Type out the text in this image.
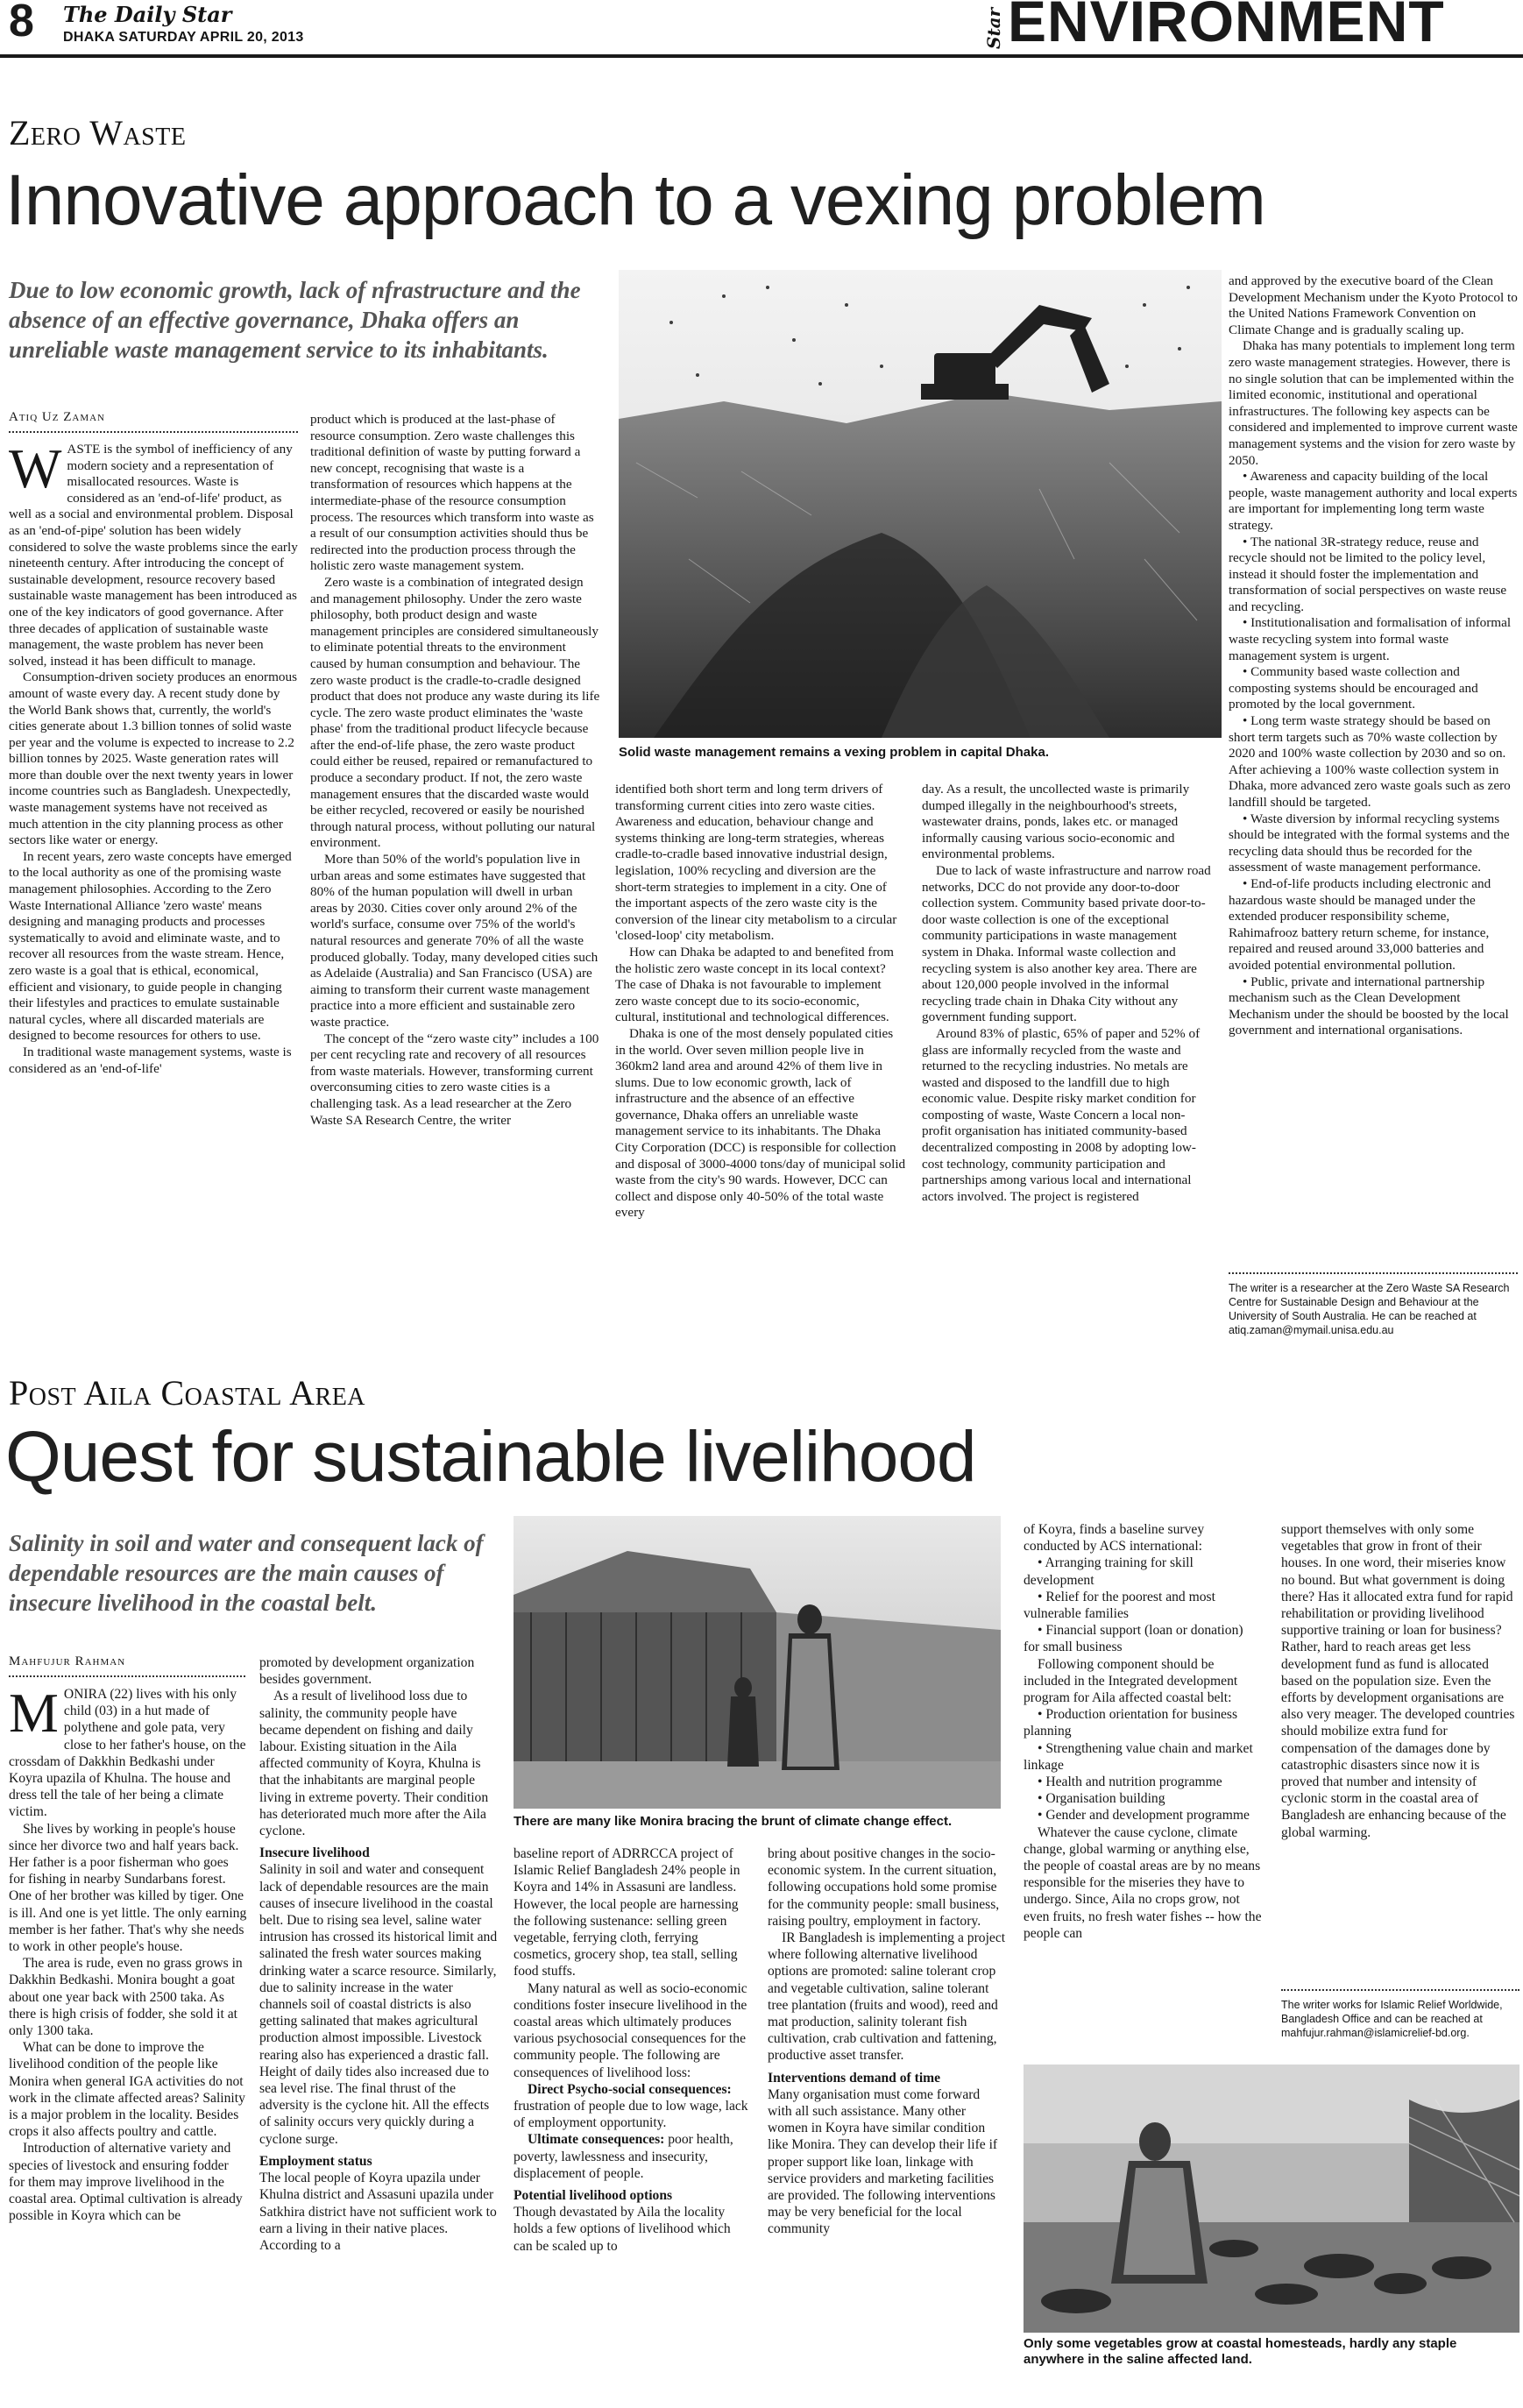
8 The Daily Star
DHAKA SATURDAY APRIL 20, 2013	Star ENVIRONMENT
Zero Waste
Innovative approach to a vexing problem
Due to low economic growth, lack of nfrastructure and the absence of an effective governance, Dhaka offers an unreliable waste management service to its inhabitants.
Atiq Uz Zaman
W ASTE is the symbol of inefficiency of any modern society and a representation of misallocated resources. Waste is considered as an 'end-of-life' product, as well as a social and environmental problem. Disposal as an 'end-of-pipe' solution has been widely considered to solve the waste problems since the early nineteenth century. After introducing the concept of sustainable development, resource recovery based sustainable waste management has been introduced as one of the key indicators of good governance. After three decades of application of sustainable waste management, the waste problem has never been solved, instead it has been difficult to manage.

Consumption-driven society produces an enormous amount of waste every day. A recent study done by the World Bank shows that, currently, the world's cities generate about 1.3 billion tonnes of solid waste per year and the volume is expected to increase to 2.2 billion tonnes by 2025. Waste generation rates will more than double over the next twenty years in lower income countries such as Bangladesh. Unexpectedly, waste management systems have not received as much attention in the city planning process as other sectors like water or energy.

In recent years, zero waste concepts have emerged to the local authority as one of the promising waste management philosophies. According to the Zero Waste International Alliance 'zero waste' means designing and managing products and processes systematically to avoid and eliminate waste, and to recover all resources from the waste stream. Hence, zero waste is a goal that is ethical, economical, efficient and visionary, to guide people in changing their lifestyles and practices to emulate sustainable natural cycles, where all discarded materials are designed to become resources for others to use.

In traditional waste management systems, waste is considered as an 'end-of-life'

product which is produced at the last-phase of resource consumption. Zero waste challenges this traditional definition of waste by putting forward a new concept, recognising that waste is a transformation of resources which happens at the intermediate-phase of the resource consumption process. The resources which transform into waste as a result of our consumption activities should thus be redirected into the production process through the holistic zero waste management system.

Zero waste is a combination of integrated design and management philosophy. Under the zero waste philosophy, both product design and waste management principles are considered simultaneously to eliminate potential threats to the environment caused by human consumption and behaviour. The zero waste product is the cradle-to-cradle designed product that does not produce any waste during its life cycle. The zero waste product eliminates the 'waste phase' from the traditional product lifecycle because after the end-of-life phase, the zero waste product could either be reused, repaired or remanufactured to produce a secondary product. If not, the zero waste management ensures that the discarded waste would be either recycled, recovered or easily be nourished through natural process, without polluting our natural environment.

More than 50% of the world's population live in urban areas and some estimates have suggested that 80% of the human population will dwell in urban areas by 2030. Cities cover only around 2% of the world's surface, consume over 75% of the world's natural resources and generate 70% of all the waste produced globally. Today, many developed cities such as Adelaide (Australia) and San Francisco (USA) are aiming to transform their current waste management practice into a more efficient and sustainable zero waste practice.

The concept of the “zero waste city” includes a 100 per cent recycling rate and recovery of all resources from waste materials. However, transforming current overconsuming cities to zero waste cities is a challenging task. As a lead researcher at the Zero Waste SA Research Centre, the writer

Solid waste management remains a vexing problem in capital Dhaka.

identified both short term and long term drivers of transforming current cities into zero waste cities. Awareness and education, behaviour change and systems thinking are long-term strategies, whereas cradle-to-cradle based innovative industrial design, legislation, 100% recycling and diversion are the short-term strategies to implement in a city. One of the important aspects of the zero waste city is the conversion of the linear city metabolism to a circular 'closed-loop' city metabolism.

How can Dhaka be adapted to and benefited from the holistic zero waste concept in its local context? The case of Dhaka is not favourable to implement zero waste concept due to its socio-economic, cultural, institutional and technological differences.

Dhaka is one of the most densely populated cities in the world. Over seven million people live in 360km2 land area and around 42% of them live in slums. Due to low economic growth, lack of infrastructure and the absence of an effective governance, Dhaka offers an unreliable waste management service to its inhabitants. The Dhaka City Corporation (DCC) is responsible for collection and disposal of 3000-4000 tons/day of municipal solid waste from the city's 90 wards. However, DCC can collect and dispose only 40-50% of the total waste every

day. As a result, the uncollected waste is primarily dumped illegally in the neighbourhood's streets, wastewater drains, ponds, lakes etc. or managed informally causing various socio-economic and environmental problems.

Due to lack of waste infrastructure and narrow road networks, DCC do not provide any door-to-door collection system. Community based private door-to-door waste collection is one of the exceptional community participations in waste management system in Dhaka. Informal waste collection and recycling system is also another key area. There are about 120,000 people involved in the informal recycling trade chain in Dhaka City without any government funding support.

Around 83% of plastic, 65% of paper and 52% of glass are informally recycled from the waste and returned to the recycling industries. No metals are wasted and disposed to the landfill due to high economic value. Despite risky market condition for composting of waste, Waste Concern a local non-profit organisation has initiated community-based decentralized composting in 2008 by adopting low-cost technology, community participation and partnerships among various local and international actors involved. The project is registered

and approved by the executive board of the Clean Development Mechanism under the Kyoto Protocol to the United Nations Framework Convention on Climate Change and is gradually scaling up.

Dhaka has many potentials to implement long term zero waste management strategies. However, there is no single solution that can be implemented within the limited economic, institutional and operational infrastructures. The following key aspects can be considered and implemented to improve current waste management systems and the vision for zero waste by 2050.

• Awareness and capacity building of the local people, waste management authority and local experts are important for implementing long term waste strategy.

• The national 3R-strategy reduce, reuse and recycle should not be limited to the policy level, instead it should foster the implementation and transformation of social perspectives on waste reuse and recycling.

• Institutionalisation and formalisation of informal waste recycling system into formal waste management system is urgent.

• Community based waste collection and composting systems should be encouraged and promoted by the local government.

• Long term waste strategy should be based on short term targets such as 70% waste collection by 2020 and 100% waste collection by 2030 and so on. After achieving a 100% waste collection system in Dhaka, more advanced zero waste goals such as zero landfill should be targeted.

• Waste diversion by informal recycling systems should be integrated with the formal systems and the recycling data should thus be recorded for the assessment of waste management performance.

• End-of-life products including electronic and hazardous waste should be managed under the extended producer responsibility scheme, Rahimafrooz battery return scheme, for instance, repaired and reused around 33,000 batteries and avoided potential environmental pollution.

• Public, private and international partnership mechanism such as the Clean Development Mechanism under the should be boosted by the local government and international organisations.

The writer is a researcher at the Zero Waste SA Research Centre for Sustainable Design and Behaviour at the University of South Australia. He can be reached at atiq.zaman@mymail.unisa.edu.au
Post Aila Coastal Area
Quest for sustainable livelihood
Salinity in soil and water and consequent lack of dependable resources are the main causes of insecure livelihood in the coastal belt.
Mahfujur Rahman
M ONIRA (22) lives with his only child (03) in a hut made of polythene and gole pata, very close to her father's house, on the crossdam of Dakkhin Bedkashi under Koyra upazila of Khulna. The house and dress tell the tale of her being a climate victim.

She lives by working in people's house since her divorce two and half years back. Her father is a poor fisherman who goes for fishing in nearby Sundarbans forest. One of her brother was killed by tiger. One is ill. And one is yet little. The only earning member is her father. That's why she needs to work in other people's house.

The area is rude, even no grass grows in Dakkhin Bedkashi. Monira bought a goat about one year back with 2500 taka. As there is high crisis of fodder, she sold it at only 1300 taka.

What can be done to improve the livelihood condition of the people like Monira when general IGA activities do not work in the climate affected areas? Salinity is a major problem in the locality. Besides crops it also affects poultry and cattle.

Introduction of alternative variety and species of livestock and ensuring fodder for them may improve livelihood in the coastal area. Optimal cultivation is already possible in Koyra which can be

promoted by development organization besides government.

As a result of livelihood loss due to salinity, the community people have became dependent on fishing and daily labour. Existing situation in the Aila affected community of Koyra, Khulna is that the inhabitants are marginal people living in extreme poverty. Their condition has deteriorated much more after the Aila cyclone.

Insecure livelihood

Salinity in soil and water and consequent lack of dependable resources are the main causes of insecure livelihood in the coastal belt. Due to rising sea level, saline water intrusion has crossed its historical limit and salinated the fresh water sources making drinking water a scarce resource. Similarly, due to salinity increase in the water channels soil of coastal districts is also getting salinated that makes agricultural production almost impossible. Livestock rearing also has experienced a drastic fall. Height of daily tides also increased due to sea level rise. The final thrust of the adversity is the cyclone hit. All the effects of salinity occurs very quickly during a cyclone surge.

Employment status

The local people of Koyra upazila under Khulna district and Assasuni upazila under Satkhira district have not sufficient work to earn a living in their native places. According to a

There are many like Monira bracing the brunt of climate change effect.

baseline report of ADRRCCA project of Islamic Relief Bangladesh 24% people in Koyra and 14% in Assasuni are landless. However, the local people are harnessing the following sustenance: selling green vegetable, ferrying cloth, ferrying cosmetics, grocery shop, tea stall, selling food stuffs.

Many natural as well as socio-economic conditions foster insecure livelihood in the coastal areas which ultimately produces various psychosocial consequences for the community people. The following are consequences of livelihood loss:

Direct Psycho-social consequences: frustration of people due to low wage, lack of employment opportunity.

Ultimate consequences: poor health, poverty, lawlessness and insecurity, displacement of people.

Potential livelihood options

Though devastated by Aila the locality holds a few options of livelihood which can be scaled up to

bring about positive changes in the socio-economic system. In the current situation, following occupations hold some promise for the community people: small business, raising poultry, employment in factory.

IR Bangladesh is implementing a project where following alternative livelihood options are promoted: saline tolerant crop and vegetable cultivation, saline tolerant tree plantation (fruits and wood), reed and mat production, salinity tolerant fish cultivation, crab cultivation and fattening, productive asset transfer.

Interventions demand of time

Many organisation must come forward with all such assistance. Many other women in Koyra have similar condition like Monira. They can develop their life if proper support like loan, linkage with service providers and marketing facilities are provided. The following interventions may be very beneficial for the local community

of Koyra, finds a baseline survey conducted by ACS international:

• Arranging training for skill development

• Relief for the poorest and most vulnerable families

• Financial support (loan or donation) for small business

Following component should be included in the Integrated development program for Aila affected coastal belt:

• Production orientation for business planning

• Strengthening value chain and market linkage

• Health and nutrition programme

• Organisation building

• Gender and development programme

Whatever the cause cyclone, climate change, global warming or anything else, the people of coastal areas are by no means responsible for the miseries they have to undergo. Since, Aila no crops grow, not even fruits, no fresh water fishes -- how the people can

support themselves with only some vegetables that grow in front of their houses. In one word, their miseries know no bound. But what government is doing there? Has it allocated extra fund for rapid rehabilitation or providing livelihood supportive training or loan for business? Rather, hard to reach areas get less development fund as fund is allocated based on the population size. Even the efforts by development organisations are also very meager. The developed countries should mobilize extra fund for compensation of the damages done by catastrophic disasters since now it is proved that number and intensity of cyclonic storm in the coastal area of Bangladesh are enhancing because of the global warming.

The writer works for Islamic Relief Worldwide, Bangladesh Office and can be reached at mahfujur.rahman@islamicrelief-bd.org.
Only some vegetables grow at coastal homesteads, hardly any staple anywhere in the saline affected land.
